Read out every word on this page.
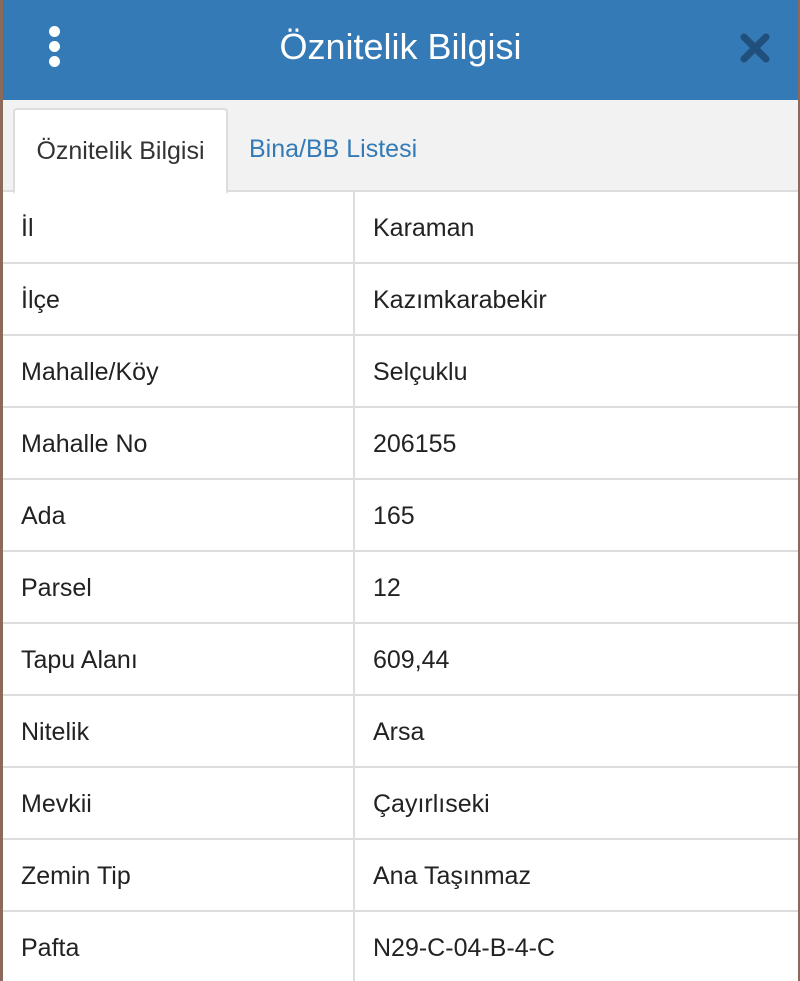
Öznitelik Bilgisi
Öznitelik Bilgisi	Bina/BB Listesi
İl	Karaman
İlçe	Kazımkarabekir
Mahalle/Köy	Selçuklu
Mahalle No	206155
Ada	165
Parsel	12
Tapu Alanı	609,44
Nitelik	Arsa
Mevkii	Çayırlıseki
Zemin Tip	Ana Taşınmaz
Pafta	N29-C-04-B-4-C
